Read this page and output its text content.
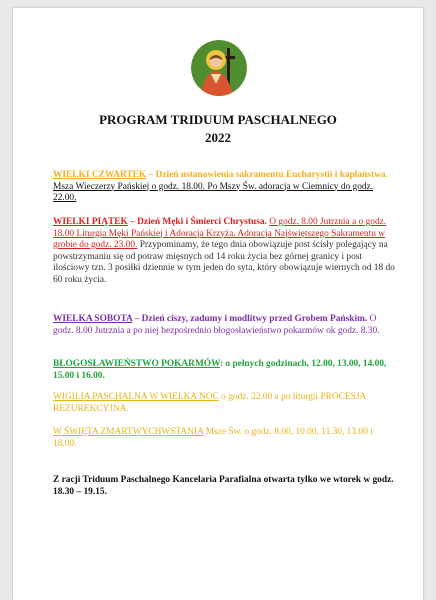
PROGRAM TRIDUUM PASCHALNEGO
2022
WIELKI CZWARTEK – Dzień ustanowienia sakramentu Eucharystii i kapłaństwa. Msza Wieczerzy Pańskiej o godz. 18.00. Po Mszy Św. adoracja w Ciemnicy do godz. 22.00.
WIELKI PIĄTEK – Dzień Męki i Śmierci Chrystusa. O godz. 8.00 Jutrznia a o godz. 18.00 Liturgia Męki Pańskiej i Adoracja Krzyża. Adoracja Najświętszego Sakramentu w grobie do godz. 23.00. Przypominamy, że tego dnia obowiązuje post ścisły polegający na powstrzymaniu się od potraw mięsnych od 14 roku życia bez górnej granicy i post ilościowy tzn. 3 posiłki dziennie w tym jeden do syta, który obowiązuje wiernych od 18 do 60 roku życia.
WIELKA SOBOTA – Dzień ciszy, zadumy i modlitwy przed Grobem Pańskim. O godz. 8.00 Jutrznia a po niej bezpośrednio błogosławieństwo pokarmów ok godz. 8.30.
BŁOGOSŁAWIEŃSTWO POKARMÓW: o pełnych godzinach, 12.00, 13.00, 14.00, 15.00 i 16.00.
WIGILIA PASCHALNA W WIELKA NOC o godz. 22.00 a po liturgii PROCESJA REZUREKCYJNA.
W ŚWIĘTA ZMARTWYCHWSTANIA Msze Św. o godz. 8.00, 10.00, 11.30, 13.00 i 18.00.
Z racji Triduum Paschalnego Kancelaria Parafialna otwarta tylko we wtorek w godz. 18.30 – 19.15.
